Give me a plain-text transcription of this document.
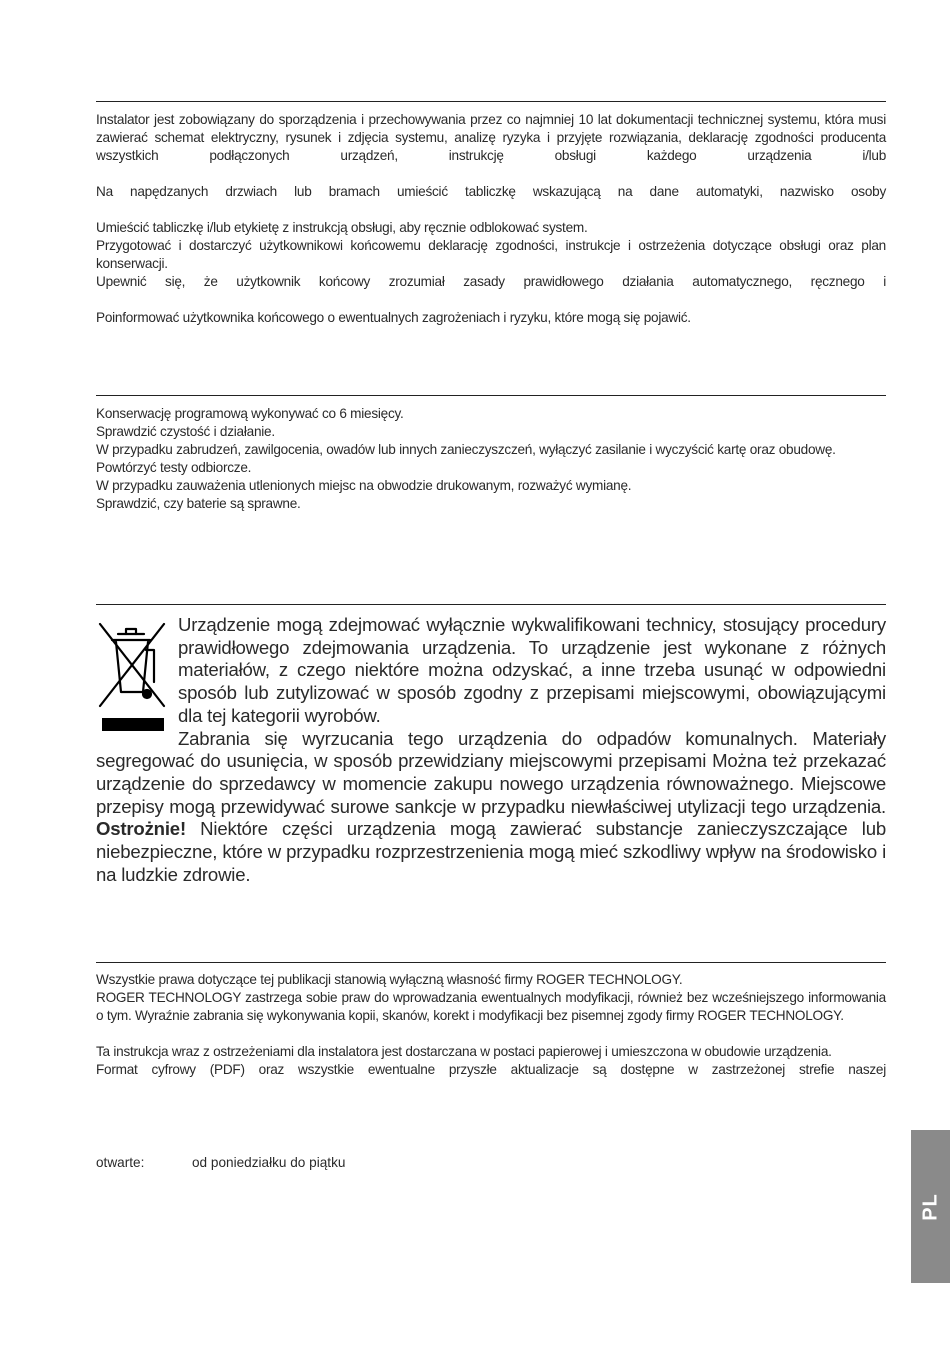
Instalator jest zobowiązany do sporządzenia i przechowywania przez co najmniej 10 lat dokumentacji technicznej systemu, która musi zawierać schemat elektryczny, rysunek i zdjęcia systemu, analizę ryzyka i przyjęte rozwiązania, deklarację zgodności producenta wszystkich podłączonych urządzeń, instrukcję obsługi każdego urządzenia i/lub

Na napędzanych drzwiach lub bramach umieścić tabliczkę wskazującą na dane automatyki, nazwisko osoby

Umieścić tabliczkę i/lub etykietę z instrukcją obsługi, aby ręcznie odblokować system.

Przygotować i dostarczyć użytkownikowi końcowemu deklarację zgodności, instrukcje i ostrzeżenia dotyczące obsługi oraz plan konserwacji.

Upewnić się, że użytkownik końcowy zrozumiał zasady prawidłowego działania automatycznego, ręcznego i

Poinformować użytkownika końcowego o ewentualnych zagrożeniach i ryzyku, które mogą się pojawić.

Konserwację programową wykonywać co 6 miesięcy.

Sprawdzić czystość i działanie.

W przypadku zabrudzeń, zawilgocenia, owadów lub innych zanieczyszczeń, wyłączyć zasilanie i wyczyścić kartę oraz obudowę.

Powtórzyć testy odbiorcze.

W przypadku zauważenia utlenionych miejsc na obwodzie drukowanym, rozważyć wymianę.

Sprawdzić, czy baterie są sprawne.

Urządzenie mogą zdejmować wyłącznie wykwalifikowani technicy, stosujący procedury prawidłowego zdejmowania urządzenia. To urządzenie jest wykonane z różnych materiałów, z czego niektóre można odzyskać, a inne trzeba usunąć w odpowiedni sposób lub zutylizować w sposób zgodny z przepisami miejscowymi, obowiązującymi dla tej kategorii wyrobów.

Zabrania się wyrzucania tego urządzenia do odpadów komunalnych. Materiały segregować do usunięcia, w sposób przewidziany miejscowymi przepisami Można też przekazać urządzenie do sprzedawcy w momencie zakupu nowego urządzenia równoważnego. Miejscowe przepisy mogą przewidywać surowe sankcje w przypadku niewłaściwej utylizacji tego urządzenia. Ostrożnie! Niektóre części urządzenia mogą zawierać substancje zanieczyszczające lub niebezpieczne, które w przypadku rozprzestrzenienia mogą mieć szkodliwy wpływ na środowisko i na ludzkie zdrowie.

Wszystkie prawa dotyczące tej publikacji stanowią wyłączną własność firmy ROGER TECHNOLOGY.

ROGER TECHNOLOGY zastrzega sobie praw do wprowadzania ewentualnych modyfikacji, również bez wcześniejszego informowania o tym. Wyraźnie zabrania się wykonywania kopii, skanów, korekt i modyfikacji bez pisemnej zgody firmy ROGER TECHNOLOGY.

Ta instrukcja wraz z ostrzeżeniami dla instalatora jest dostarczana w postaci papierowej i umieszczona w obudowie urządzenia.

Format cyfrowy (PDF) oraz wszystkie ewentualne przyszłe aktualizacje są dostępne w zastrzeżonej strefie naszej

otwarte:	od poniedziałku do piątku
PL
